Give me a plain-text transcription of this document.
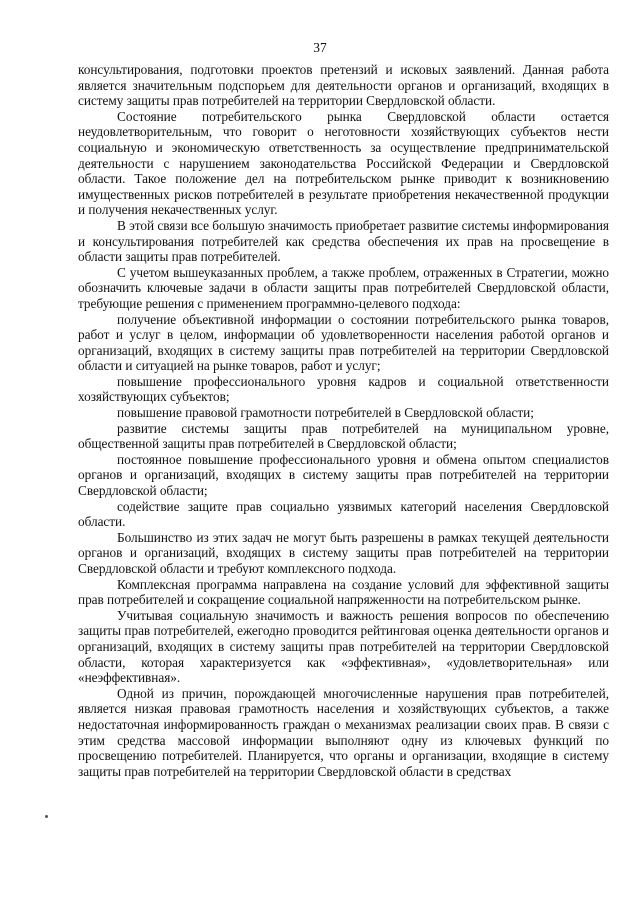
37

консультирования, подготовки проектов претензий и исковых заявлений. Данная работа является значительным подспорьем для деятельности органов и организаций, входящих в систему защиты прав потребителей на территории Свердловской области.

Состояние потребительского рынка Свердловской области остается неудовлетворительным, что говорит о неготовности хозяйствующих субъектов нести социальную и экономическую ответственность за осуществление предпринимательской деятельности с нарушением законодательства Российской Федерации и Свердловской области. Такое положение дел на потребительском рынке приводит к возникновению имущественных рисков потребителей в результате приобретения некачественной продукции и получения некачественных услуг.

В этой связи все большую значимость приобретает развитие системы информирования и консультирования потребителей как средства обеспечения их прав на просвещение в области защиты прав потребителей.

С учетом вышеуказанных проблем, а также проблем, отраженных в Стратегии, можно обозначить ключевые задачи в области защиты прав потребителей Свердловской области, требующие решения с применением программно-целевого подхода:

получение объективной информации о состоянии потребительского рынка товаров, работ и услуг в целом, информации об удовлетворенности населения работой органов и организаций, входящих в систему защиты прав потребителей на территории Свердловской области и ситуацией на рынке товаров, работ и услуг;

повышение профессионального уровня кадров и социальной ответственности хозяйствующих субъектов;

повышение правовой грамотности потребителей в Свердловской области;

развитие системы защиты прав потребителей на муниципальном уровне, общественной защиты прав потребителей в Свердловской области;

постоянное повышение профессионального уровня и обмена опытом специалистов органов и организаций, входящих в систему защиты прав потребителей на территории Свердловской области;

содействие защите прав социально уязвимых категорий населения Свердловской области.

Большинство из этих задач не могут быть разрешены в рамках текущей деятельности органов и организаций, входящих в систему защиты прав потребителей на территории Свердловской области и требуют комплексного подхода.

Комплексная программа направлена на создание условий для эффективной защиты прав потребителей и сокращение социальной напряженности на потребительском рынке.

Учитывая социальную значимость и важность решения вопросов по обеспечению защиты прав потребителей, ежегодно проводится рейтинговая оценка деятельности органов и организаций, входящих в систему защиты прав потребителей на территории Свердловской области, которая характеризуется как «эффективная», «удовлетворительная» или «неэффективная».

Одной из причин, порождающей многочисленные нарушения прав потребителей, является низкая правовая грамотность населения и хозяйствующих субъектов, а также недостаточная информированность граждан о механизмах реализации своих прав. В связи с этим средства массовой информации выполняют одну из ключевых функций по просвещению потребителей. Планируется, что органы и организации, входящие в систему защиты прав потребителей на территории Свердловской области в средствах
